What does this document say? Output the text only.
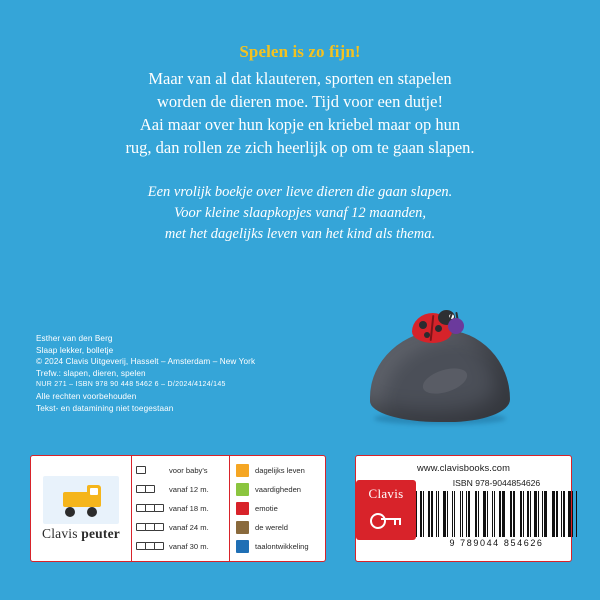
Spelen is zo fijn!
Maar van al dat klauteren, sporten en stapelen
worden de dieren moe. Tijd voor een dutje!
Aai maar over hun kopje en kriebel maar op hun
rug, dan rollen ze zich heerlijk op om te gaan slapen.
Een vrolijk boekje over lieve dieren die gaan slapen.
Voor kleine slaapkopjes vanaf 12 maanden,
met het dagelijks leven van het kind als thema.
Esther van den Berg
Slaap lekker, bolletje
© 2024 Clavis Uitgeverij, Hasselt – Amsterdam – New York
Trefw.: slapen, dieren, spelen
NUR 271 – ISBN 978 90 448 5462 6 – D/2024/4124/145
Alle rechten voorbehouden
Tekst- en datamining niet toegestaan
Clavis peuter
voor baby's
vanaf 12 m.
vanaf 18 m.
vanaf 24 m.
vanaf 30 m.
dagelijks leven
vaardigheden
emotie
de wereld
taalontwikkeling
www.clavisbooks.com
Clavis
ISBN 978-9044854626
9 789044 854626
